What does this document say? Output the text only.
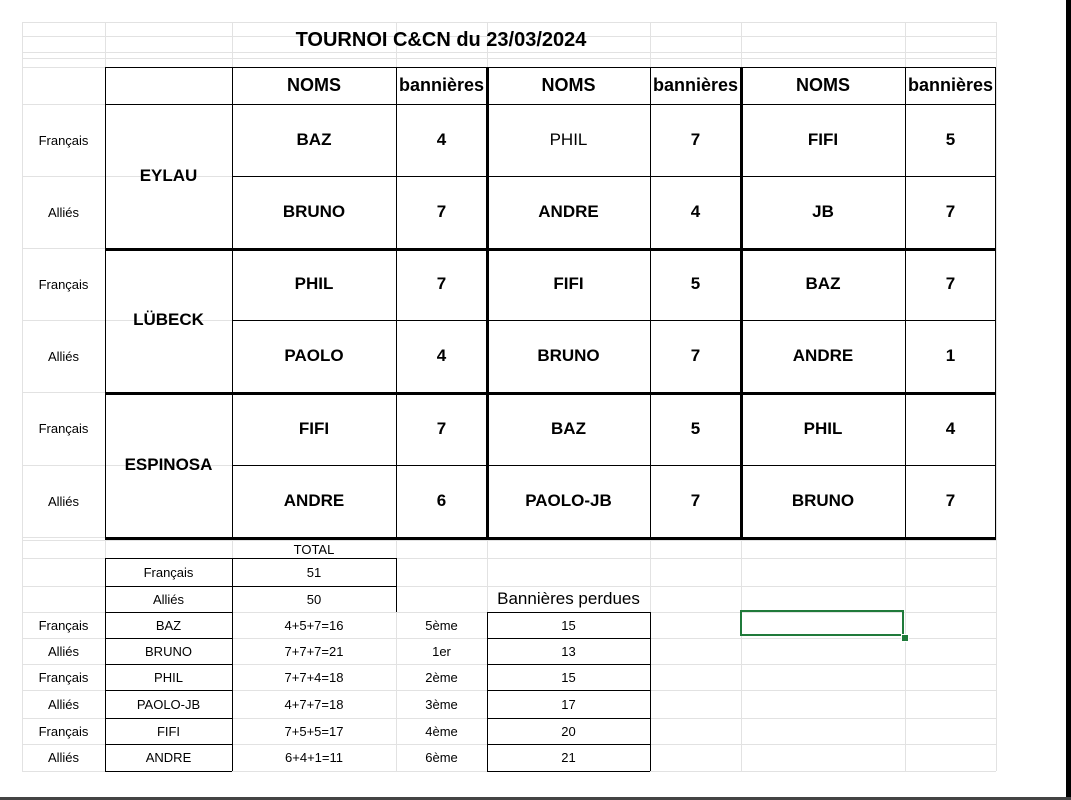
TOURNOI C&CN du 23/03/2024
NOMS	bannières	NOMS	bannières	NOMS	bannières
EYLAU
Français	BAZ	4	PHIL	7	FIFI	5
Alliés	BRUNO	7	ANDRE	4	JB	7
LÜBECK
Français	PHIL	7	FIFI	5	BAZ	7
Alliés	PAOLO	4	BRUNO	7	ANDRE	1
ESPINOSA
Français	FIFI	7	BAZ	5	PHIL	4
Alliés	ANDRE	6	PAOLO-JB	7	BRUNO	7
TOTAL
Français	51
Alliés	50	Bannières perdues
Français	BAZ	4+5+7=16	5ème	15
Alliés	BRUNO	7+7+7=21	1er	13
Français	PHIL	7+7+4=18	2ème	15
Alliés	PAOLO-JB	4+7+7=18	3ème	17
Français	FIFI	7+5+5=17	4ème	20
Alliés	ANDRE	6+4+1=11	6ème	21
